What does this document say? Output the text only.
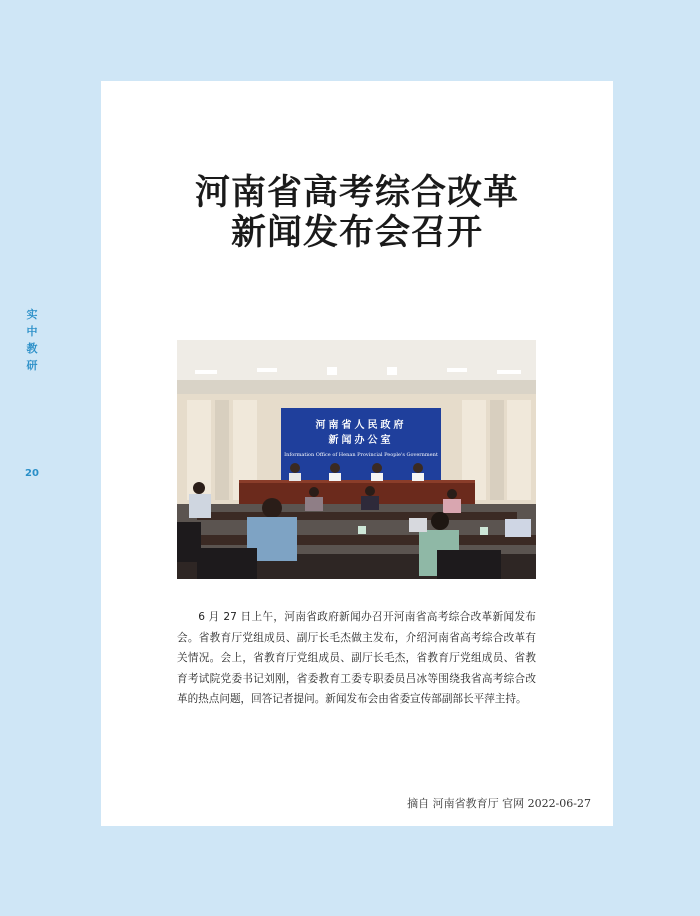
实
中
教
研
20
河南省高考综合改革
新闻发布会召开
河南省人民政府
新闻办公室
Information Office of Henan Provincial People's Government

6 月 27 日上午，河南省政府新闻办召开河南省高考综合改革新闻发布会。省教育厅党组成员、副厅长毛杰做主发布，介绍河南省高考综合改革有关情况。会上，省教育厅党组成员、副厅长毛杰，省教育厅党组成员、省教育考试院党委书记刘刚，省委教育工委专职委员吕冰等围绕我省高考综合改革的热点问题，回答记者提问。新闻发布会由省委宣传部副部长平萍主持。

摘自 河南省教育厅 官网 2022-06-27
